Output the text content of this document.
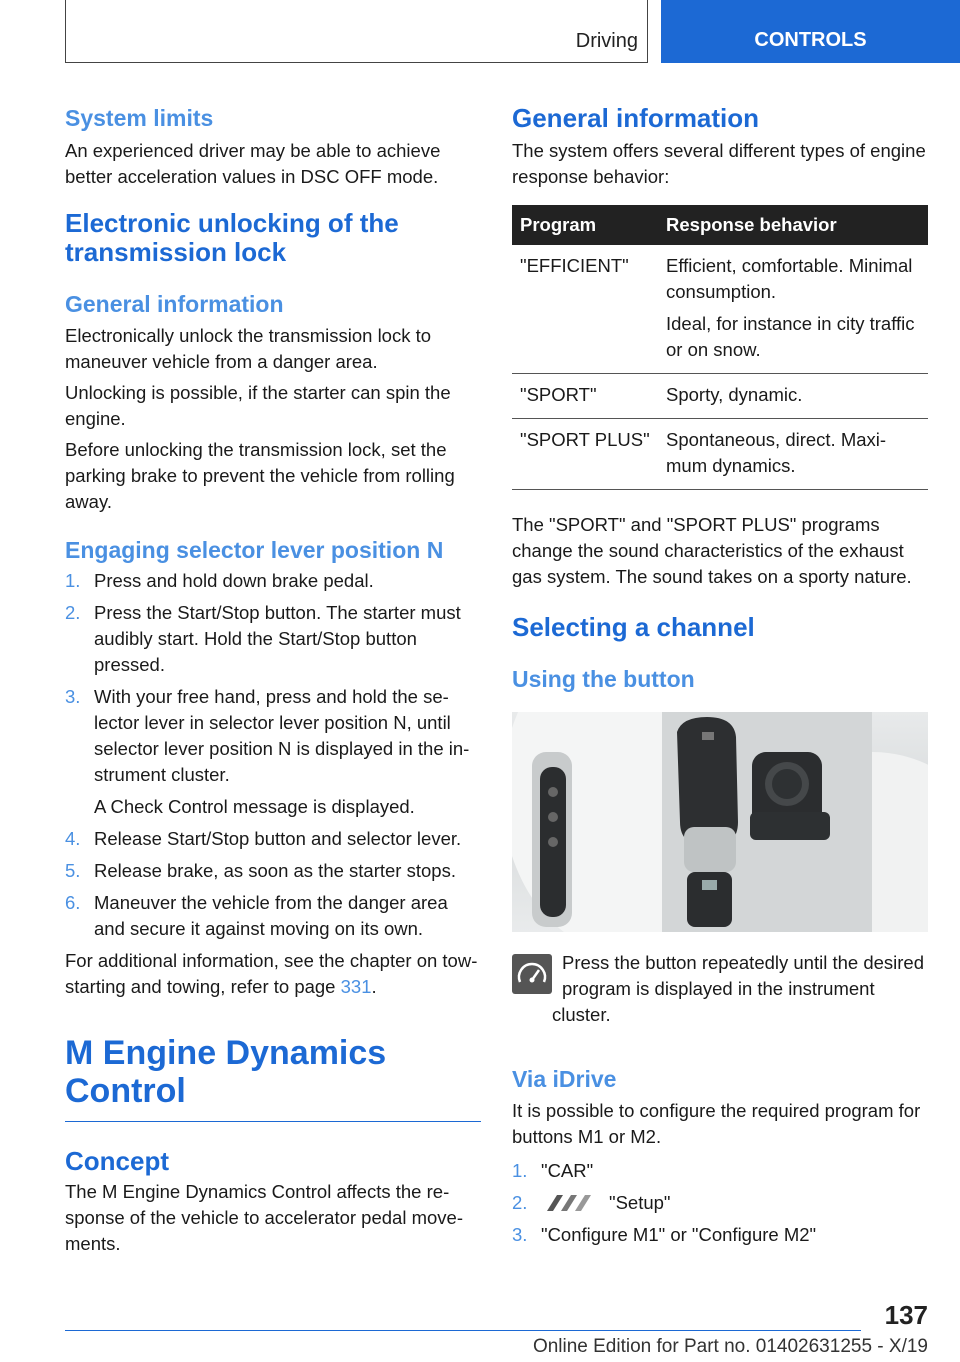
Driving	CONTROLS
System limits

An experienced driver may be able to achieve better acceleration values in DSC OFF mode.

Electronic unlocking of the transmission lock
General information

Electronically unlock the transmission lock to maneuver vehicle from a danger area.

Unlocking is possible, if the starter can spin the engine.

Before unlocking the transmission lock, set the parking brake to prevent the vehicle from rolling away.

Engaging selector lever position N
1. Press and hold down brake pedal.
2. Press the Start/Stop button. The starter must audibly start. Hold the Start/Stop button pressed.
3. With your free hand, press and hold the selector lever in selector lever position N, until selector lever position N is displayed in the instrument cluster.
A Check Control message is displayed.
4. Release Start/Stop button and selector lever.
5. Release brake, as soon as the starter stops.
6. Maneuver the vehicle from the danger area and secure it against moving on its own.

For additional information, see the chapter on tow-starting and towing, refer to page 331.

M Engine Dynamics Control
Concept

The M Engine Dynamics Control affects the response of the vehicle to accelerator pedal movements.

General information

The system offers several different types of engine response behavior:

Program	Response behavior
"EFFICIENT"	Efficient, comfortable. Minimal consumption.
Ideal, for instance in city traffic or on snow.

"SPORT"	Sporty, dynamic.

"SPORT PLUS"	Spontaneous, direct. Maximum dynamics.

The "SPORT" and "SPORT PLUS" programs change the sound characteristics of the exhaust gas system. The sound takes on a sporty nature.

Selecting a channel
Using the button

Press the button repeatedly until the desired program is displayed in the instrument cluster.

Via iDrive

It is possible to configure the required program for buttons M1 or M2.

1. "CAR"
2.	"Setup"
3. "Configure M1" or "Configure M2"
137
Online Edition for Part no. 01402631255 - X/19
